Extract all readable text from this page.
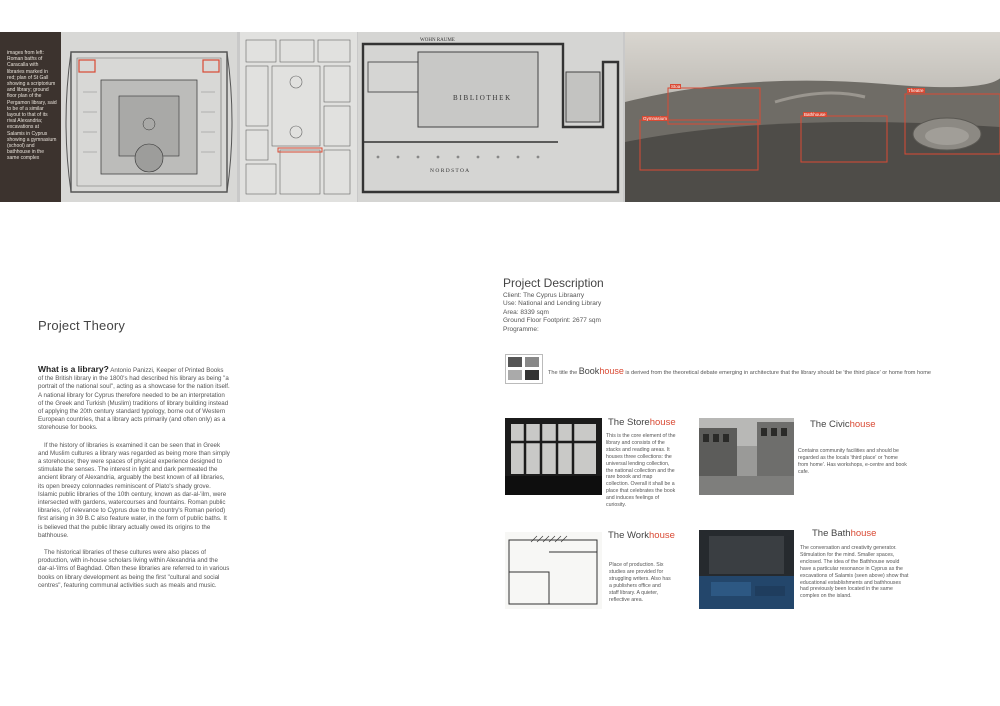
images from left: Roman baths of Caracalla with libraries marked in red; plan of St Gall showing a scriptorium and library; ground floor plan of the Pergamon library, said to be of a similar layout to that of its rival Alexandria; excavations at Salamis in Cyprus showing a gymnasium (school) and bathhouse in the same complex
WOHN RAUME
B I B L I O T H E K
N O R D S T O A
Gymnasium
Stoa
Bathhouse
Theatre
Project Theory

What is a library? Antonio Panizzi, Keeper of Printed Books of the British library in the 1800's had described his library as being "a portrait of the national soul", acting as a showcase for the nation itself. A national library for Cyprus therefore needed to be an interpretation of the Greek and Turkish (Muslim) traditions of library building instead of applying the 20th century standard typology, borne out of Western European countries, that a library acts primarily (and often only) as a storehouse for books.

If the history of libraries is examined it can be seen that in Greek and Muslim cultures a library was regarded as being more than simply a storehouse; they were spaces of physical experience designed to stimulate the senses. The interest in light and dark permeated the ancient library of Alexandria, arguably the best known of all libraries, its open breezy colonnades reminiscent of Plato's shady grove. Islamic public libraries of the 10th century, known as dar-al-'ilm, were intersected with gardens, watercourses and fountains. Roman public libraries, (of relevance to Cyprus due to the country's Roman period) first arising in 39 B.C also feature water, in the form of public baths. It is believed that the public library actually owed its origins to the bathhouse.

The historical libraries of these cultures were also places of production, with in-house scholars living within Alexandria and the dar-al-'ilms of Baghdad. Often these libraries are referred to in various books on library development as being the first "cultural and social centres", featuring communal activities such as meals and music.

Project Description
Client: The Cyprus Libraarry
Use: National and Lending Library
Area: 8339 sqm
Ground Floor Footprint: 2677 sqm
Programme:
The title the Bookhouse is derived from the theoretical debate emerging in architecture that the library should be 'the third place' or home from home
The Storehouse
This is the core element of the library and consists of the stacks and reading areas. It houses three collections: the universal lending collection, the national collection and the rare boook and map collection. Overall it shall be a place that celebrates the book and induces feelings of curiosity.
The Civichouse
Contains community facilities and should be regarded as the locals 'third place' or 'home from home'. Has workshops, e-centre and book cafe.
The Workhouse
Place of production. Six studies are provided for struggling writers. Also has a publishers office and staff library. A quieter, reflective area.
The Bathhouse
The conversation and creativity generator. Stimulation for the mind. Smaller spaces, enclosed. The idea of the Bathhouse would have a particular resonance in Cyprus as the excavations of Salamis (seen above) show that educational establishments and bathhouses had previously been located in the same complex on the island.
